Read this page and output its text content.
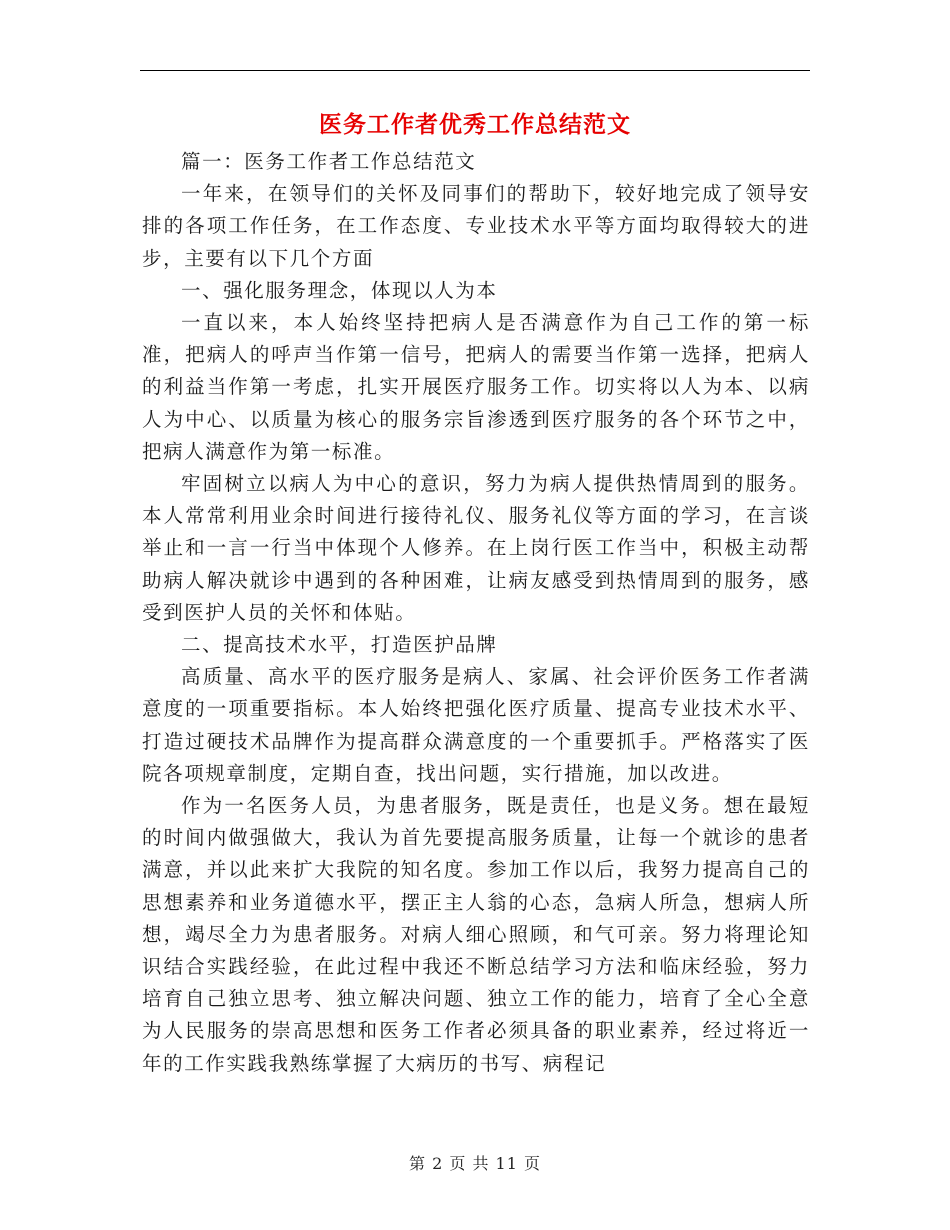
医务工作者优秀工作总结范文

篇一：医务工作者工作总结范文

一年来，在领导们的关怀及同事们的帮助下，较好地完成了领导安排的各项工作任务，在工作态度、专业技术水平等方面均取得较大的进步，主要有以下几个方面

一、强化服务理念，体现以人为本

一直以来，本人始终坚持把病人是否满意作为自己工作的第一标准，把病人的呼声当作第一信号，把病人的需要当作第一选择，把病人的利益当作第一考虑，扎实开展医疗服务工作。切实将以人为本、以病人为中心、以质量为核心的服务宗旨渗透到医疗服务的各个环节之中，把病人满意作为第一标准。

牢固树立以病人为中心的意识，努力为病人提供热情周到的服务。本人常常利用业余时间进行接待礼仪、服务礼仪等方面的学习，在言谈举止和一言一行当中体现个人修养。在上岗行医工作当中，积极主动帮助病人解决就诊中遇到的各种困难，让病友感受到热情周到的服务，感受到医护人员的关怀和体贴。

二、提高技术水平，打造医护品牌

高质量、高水平的医疗服务是病人、家属、社会评价医务工作者满意度的一项重要指标。本人始终把强化医疗质量、提高专业技术水平、打造过硬技术品牌作为提高群众满意度的一个重要抓手。严格落实了医院各项规章制度，定期自查，找出问题，实行措施，加以改进。

作为一名医务人员，为患者服务，既是责任，也是义务。想在最短的时间内做强做大，我认为首先要提高服务质量，让每一个就诊的患者满意，并以此来扩大我院的知名度。参加工作以后，我努力提高自己的思想素养和业务道德水平，摆正主人翁的心态，急病人所急，想病人所想，竭尽全力为患者服务。对病人细心照顾，和气可亲。努力将理论知识结合实践经验，在此过程中我还不断总结学习方法和临床经验，努力培育自己独立思考、独立解决问题、独立工作的能力，培育了全心全意为人民服务的崇高思想和医务工作者必须具备的职业素养，经过将近一年的工作实践我熟练掌握了大病历的书写、病程记

第 2 页 共 11 页
